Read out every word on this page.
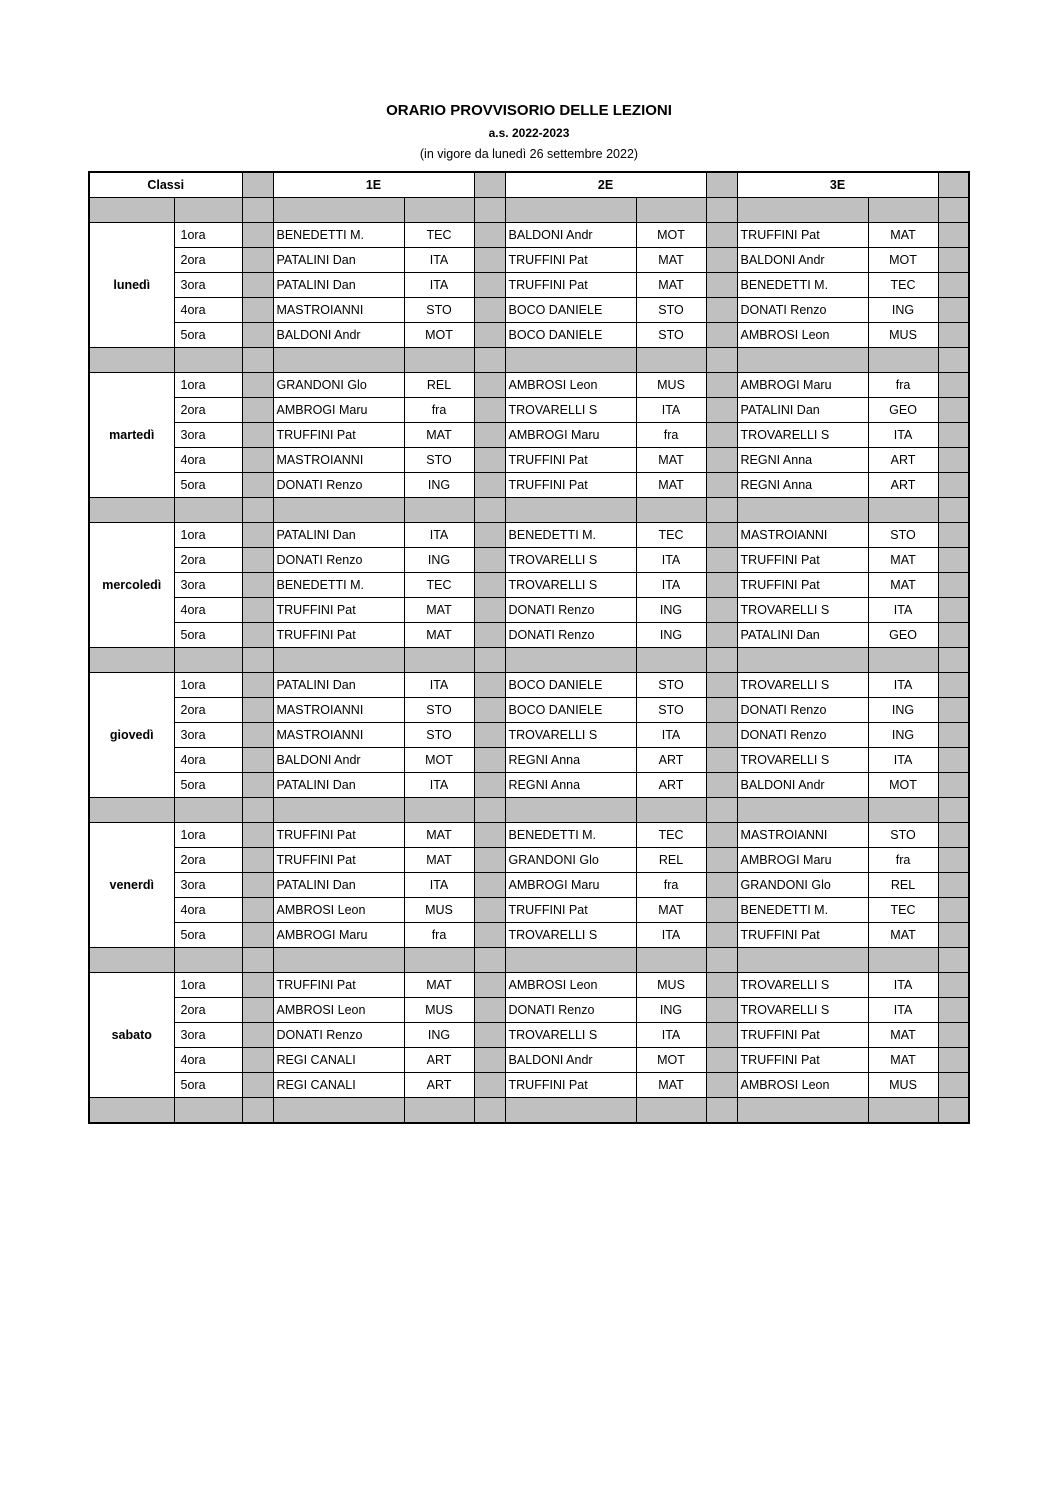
ORARIO PROVVISORIO DELLE LEZIONI
a.s. 2022-2023
(in vigore da lunedì 26 settembre 2022)
Classi			1E			2E			3E		

lunedì	1ora		BENEDETTI M.	TEC		BALDONI Andr	MOT		TRUFFINI Pat	MAT	
	2ora		PATALINI Dan	ITA		TRUFFINI Pat	MAT		BALDONI Andr	MOT	
	3ora		PATALINI Dan	ITA		TRUFFINI Pat	MAT		BENEDETTI M.	TEC	
	4ora		MASTROIANNI	STO		BOCO DANIELE	STO		DONATI Renzo	ING	
	5ora		BALDONI Andr	MOT		BOCO DANIELE	STO		AMBROSI Leon	MUS	

martedì	1ora		GRANDONI Glo	REL		AMBROSI Leon	MUS		AMBROGI Maru	fra	
	2ora		AMBROGI Maru	fra		TROVARELLI S	ITA		PATALINI Dan	GEO	
	3ora		TRUFFINI Pat	MAT		AMBROGI Maru	fra		TROVARELLI S	ITA	
	4ora		MASTROIANNI	STO		TRUFFINI Pat	MAT		REGNI Anna	ART	
	5ora		DONATI Renzo	ING		TRUFFINI Pat	MAT		REGNI Anna	ART	

mercoledì	1ora		PATALINI Dan	ITA		BENEDETTI M.	TEC		MASTROIANNI	STO	
	2ora		DONATI Renzo	ING		TROVARELLI S	ITA		TRUFFINI Pat	MAT	
	3ora		BENEDETTI M.	TEC		TROVARELLI S	ITA		TRUFFINI Pat	MAT	
	4ora		TRUFFINI Pat	MAT		DONATI Renzo	ING		TROVARELLI S	ITA	
	5ora		TRUFFINI Pat	MAT		DONATI Renzo	ING		PATALINI Dan	GEO	

giovedì	1ora		PATALINI Dan	ITA		BOCO DANIELE	STO		TROVARELLI S	ITA	
	2ora		MASTROIANNI	STO		BOCO DANIELE	STO		DONATI Renzo	ING	
	3ora		MASTROIANNI	STO		TROVARELLI S	ITA		DONATI Renzo	ING	
	4ora		BALDONI Andr	MOT		REGNI Anna	ART		TROVARELLI S	ITA	
	5ora		PATALINI Dan	ITA		REGNI Anna	ART		BALDONI Andr	MOT	

venerdì	1ora		TRUFFINI Pat	MAT		BENEDETTI M.	TEC		MASTROIANNI	STO	
	2ora		TRUFFINI Pat	MAT		GRANDONI Glo	REL		AMBROGI Maru	fra	
	3ora		PATALINI Dan	ITA		AMBROGI Maru	fra		GRANDONI Glo	REL	
	4ora		AMBROSI Leon	MUS		TRUFFINI Pat	MAT		BENEDETTI M.	TEC	
	5ora		AMBROGI Maru	fra		TROVARELLI S	ITA		TRUFFINI Pat	MAT	

sabato	1ora		TRUFFINI Pat	MAT		AMBROSI Leon	MUS		TROVARELLI S	ITA	
	2ora		AMBROSI Leon	MUS		DONATI Renzo	ING		TROVARELLI S	ITA	
	3ora		DONATI Renzo	ING		TROVARELLI S	ITA		TRUFFINI Pat	MAT	
	4ora		REGI CANALI	ART		BALDONI Andr	MOT		TRUFFINI Pat	MAT	
	5ora		REGI CANALI	ART		TRUFFINI Pat	MAT		AMBROSI Leon	MUS	
